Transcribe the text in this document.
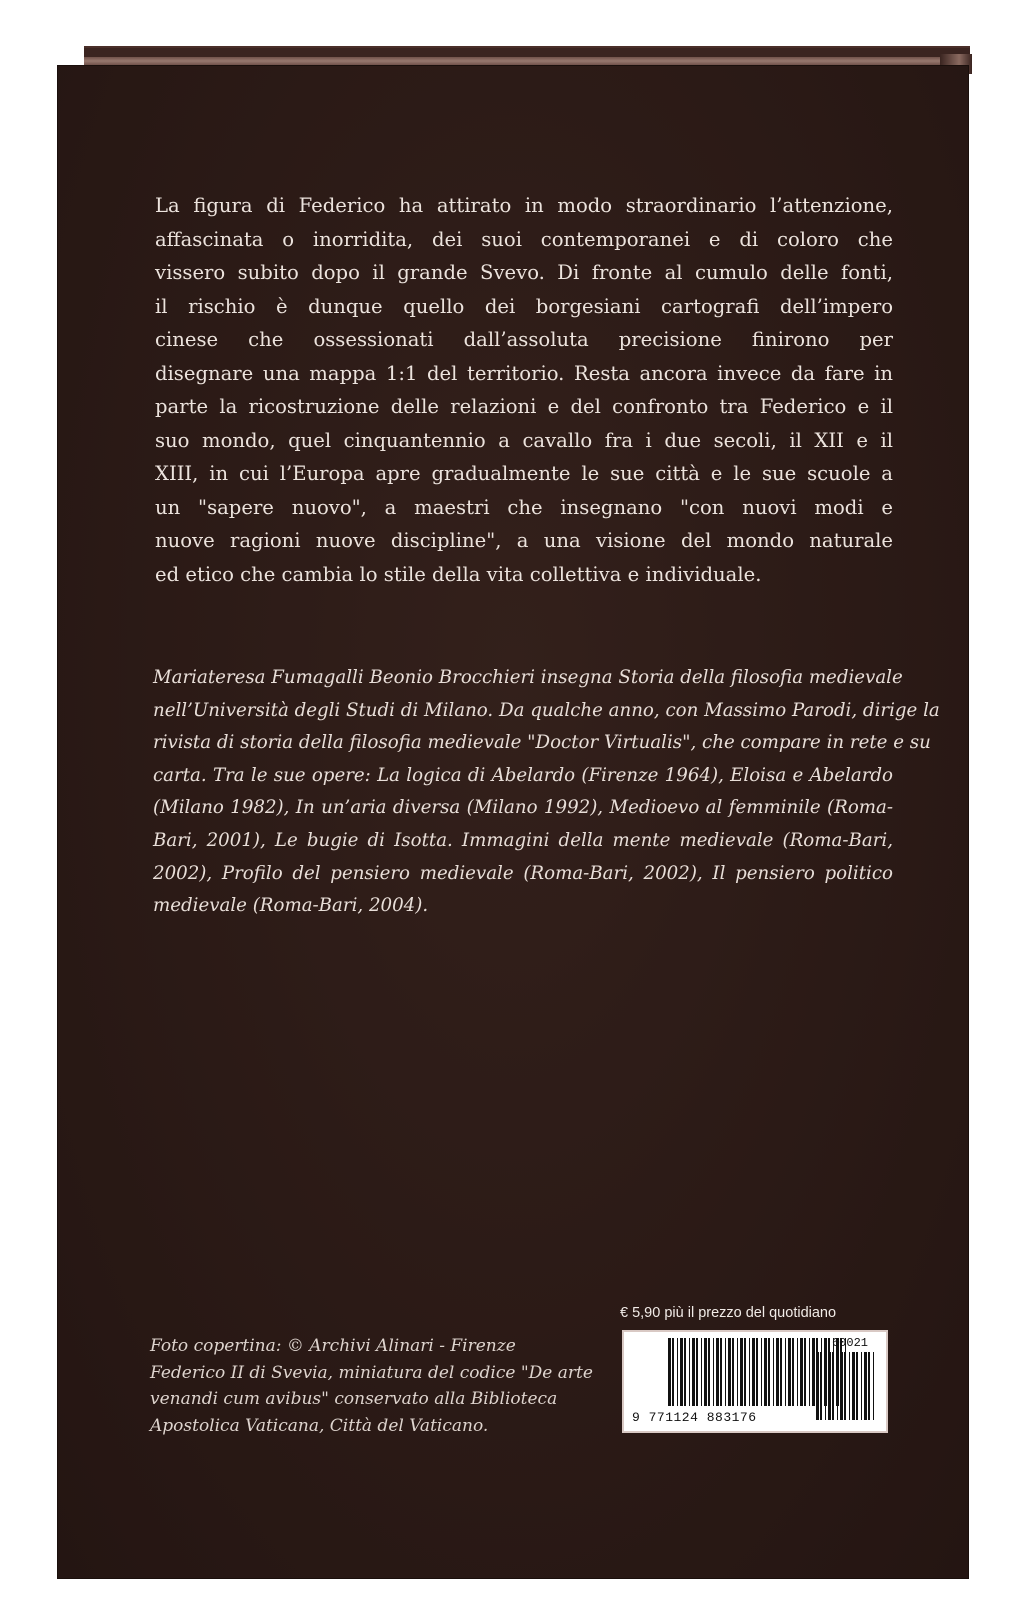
La figura di Federico ha attirato in modo straordinario l’attenzione,
affascinata o inorridita, dei suoi contemporanei e di coloro che
vissero subito dopo il grande Svevo. Di fronte al cumulo delle fonti,
il rischio è dunque quello dei borgesiani cartografi dell’impero
cinese che ossessionati dall’assoluta precisione finirono per
disegnare una mappa 1:1 del territorio. Resta ancora invece da fare in
parte la ricostruzione delle relazioni e del confronto tra Federico e il
suo mondo, quel cinquantennio a cavallo fra i due secoli, il XII e il
XIII, in cui l’Europa apre gradualmente le sue città e le sue scuole a
un "sapere nuovo", a maestri che insegnano "con nuovi modi e
nuove ragioni nuove discipline", a una visione del mondo naturale
ed etico che cambia lo stile della vita collettiva e individuale.
Mariateresa Fumagalli Beonio Brocchieri insegna Storia della filosofia medievale
nell’Università degli Studi di Milano. Da qualche anno, con Massimo Parodi, dirige la
rivista di storia della filosofia medievale "Doctor Virtualis", che compare in rete e su
carta. Tra le sue opere: La logica di Abelardo (Firenze 1964), Eloisa e Abelardo
(Milano 1982), In un’aria diversa (Milano 1992), Medioevo al femminile (Roma-
Bari, 2001), Le bugie di Isotta. Immagini della mente medievale (Roma-Bari,
2002), Profilo del pensiero medievale (Roma-Bari, 2002), Il pensiero politico
medievale (Roma-Bari, 2004).
Foto copertina: © Archivi Alinari - Firenze
Federico II di Svevia, miniatura del codice "De arte
venandi cum avibus" conservato alla Biblioteca
Apostolica Vaticana, Città del Vaticano.
€ 5,90 più il prezzo del quotidiano
60021
9 771124 883176
